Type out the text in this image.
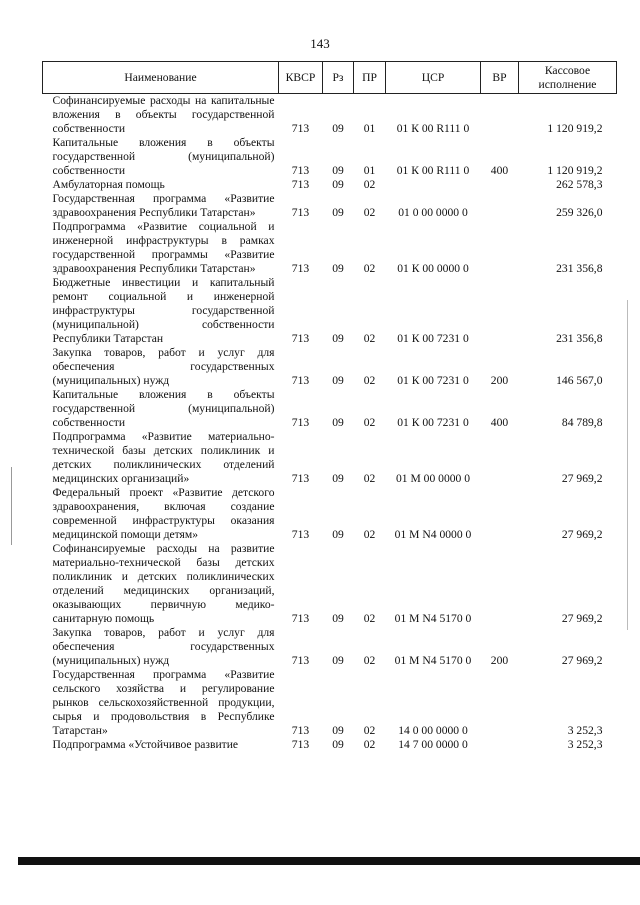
143
Наименование	КВСР	Рз	ПР	ЦСР	ВР	Кассовое исполнение
Софинансируемые расходы на капитальные вложения в объекты государственной собственности	713	09	01	01 К 00 R111 0		1 120 919,2
Капитальные вложения в объекты государственной (муниципальной) собственности	713	09	01	01 К 00 R111 0	400	1 120 919,2
Амбулаторная помощь	713	09	02			262 578,3
Государственная программа «Развитие здравоохранения Республики Татарстан»	713	09	02	01 0 00 0000 0		259 326,0
Подпрограмма «Развитие социальной и инженерной инфраструктуры в рамках государственной программы «Развитие здравоохранения Республики Татарстан»	713	09	02	01 К 00 0000 0		231 356,8
Бюджетные инвестиции и капитальный ремонт социальной и инженерной инфраструктуры государственной (муниципальной) собственности Республики Татарстан	713	09	02	01 К 00 7231 0		231 356,8
Закупка товаров, работ и услуг для обеспечения государственных (муниципальных) нужд	713	09	02	01 К 00 7231 0	200	146 567,0
Капитальные вложения в объекты государственной (муниципальной) собственности	713	09	02	01 К 00 7231 0	400	84 789,8
Подпрограмма «Развитие материально-технической базы детских поликлиник и детских поликлинических отделений медицинских организаций»	713	09	02	01 М 00 0000 0		27 969,2
Федеральный проект «Развитие детского здравоохранения, включая создание современной инфраструктуры оказания медицинской помощи детям»	713	09	02	01 М N4 0000 0		27 969,2
Софинансируемые расходы на развитие материально-технической базы детских поликлиник и детских поликлинических отделений медицинских организаций, оказывающих первичную медико-санитарную помощь	713	09	02	01 М N4 5170 0		27 969,2
Закупка товаров, работ и услуг для обеспечения государственных (муниципальных) нужд	713	09	02	01 М N4 5170 0	200	27 969,2
Государственная программа «Развитие сельского хозяйства и регулирование рынков сельскохозяйственной продукции, сырья и продовольствия в Республике Татарстан»	713	09	02	14 0 00 0000 0		3 252,3
Подпрограмма «Устойчивое развитие	713	09	02	14 7 00 0000 0		3 252,3
